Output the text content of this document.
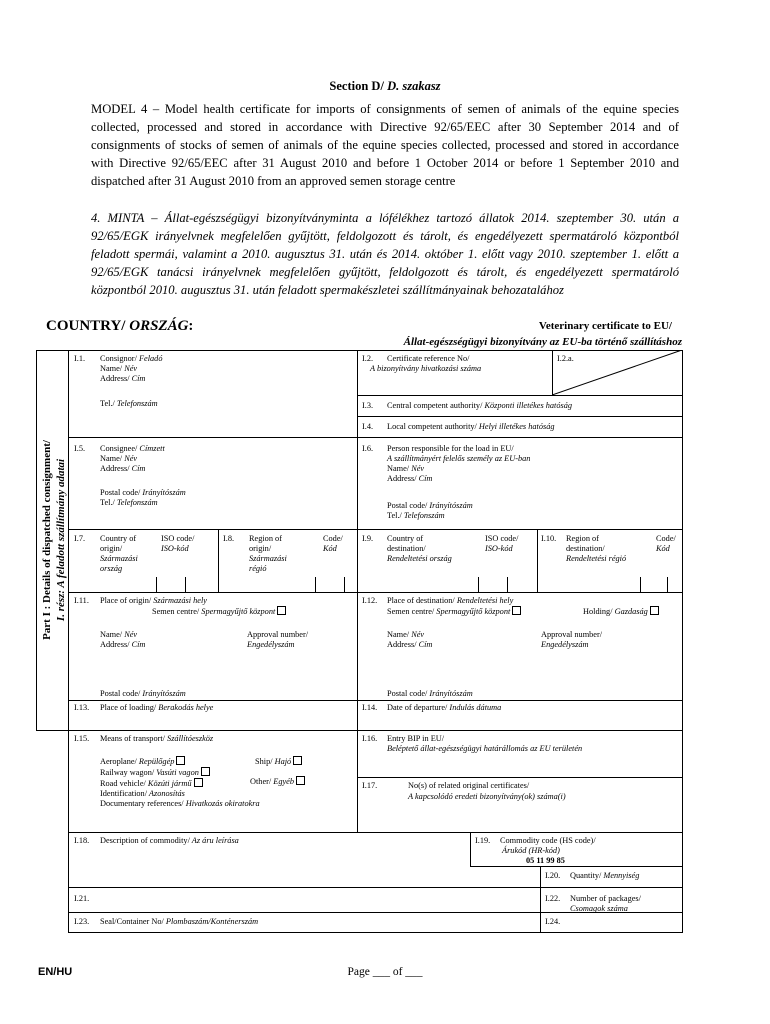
Section D/ D. szakasz

MODEL 4 – Model health certificate for imports of consignments of semen of animals of the equine species collected, processed and stored in accordance with Directive 92/65/EEC after 30 September 2014 and of consignments of stocks of semen of animals of the equine species collected, processed and stored in accordance with Directive 92/65/EEC after 31 August 2010 and before 1 October 2014 or before 1 September 2010 and dispatched after 31 August 2010 from an approved semen storage centre

4. MINTA – Állat-egészségügyi bizonyítványminta a lófélékhez tartozó állatok 2014. szeptember 30. után a 92/65/EGK irányelvnek megfelelően gyűjtött, feldolgozott és tárolt, és engedélyezett spermatároló központból feladott spermái, valamint a 2010. augusztus 31. után és 2014. október 1. előtt vagy 2010. szeptember 1. előtt a 92/65/EGK tanácsi irányelvnek megfelelően gyűjtött, feldolgozott és tárolt, és engedélyezett spermatároló központból 2010. augusztus 31. után feladott spermakészletei szállítmányainak behozatalához

COUNTRY/ ORSZÁG:	Veterinary certificate to EU/
Állat-egészségügyi bizonyítvány az EU-ba történő szállításhoz
Part I : Details of dispatched consignment/ I. rész: A feladott szállítmány adatai
I.1. Consignor/ Feladó
Name/ Név
Address/ Cím
Tel./ Telefonszám
I.2. Certificate reference No/
A bizonyítvány hivatkozási száma
I.2.a.
I.3. Central competent authority/ Központi illetékes hatóság
I.4. Local competent authority/ Helyi illetékes hatóság
I.5. Consignee/ Címzett
Name/ Név
Address/ Cím
Postal code/ Irányítószám
Tel./ Telefonszám
I.6. Person responsible for the load in EU/
A szállítmányért felelős személy az EU-ban
Name/ Név
Address/ Cím
Postal code/ Irányítószám
Tel./ Telefonszám
I.7. Country of
origin/
Származási
ország
ISO code/
ISO-kód
I.8. Region of
origin/
Származási
régió
Code/
Kód
I.9. Country of
destination/
Rendeltetési ország
ISO code/
ISO-kód
I.10. Region of
destination/
Rendeltetési régió
Code/
Kód
I.11. Place of origin/ Származási hely
Semen centre/ Spermagyűjtő központ
Name/ Név
Address/ Cím
Approval number/
Engedélyszám
Postal code/ Irányítószám
I.12. Place of destination/ Rendeltetési hely
Semen centre/ Spermagyűjtő központ	Holding/ Gazdaság
Name/ Név
Address/ Cím
Approval number/
Engedélyszám
Postal code/ Irányítószám
I.13. Place of loading/ Berakodás helye	I.14. Date of departure/ Indulás dátuma
I.15. Means of transport/ Szállítóeszköz
Aeroplane/ Repülőgép
Railway wagon/ Vasúti vagon
Road vehicle/ Közúti jármű
Identification/ Azonosítás
Documentary references/ Hivatkozás okiratokra
Ship/ Hajó
Other/ Egyéb
I.16. Entry BIP in EU/
Beléptető állat-egészségügyi határállomás az EU területén
I.17.	No(s) of related original certificates/
A kapcsolódó eredeti bizonyítvány(ok) száma(i)
I.18. Description of commodity/ Az áru leírása	I.19. Commodity code (HS code)/
Árukód (HR-kód)
05 11 99 85
I.20. Quantity/ Mennyiség
I.21.	I.22. Number of packages/
Csomagok száma
I.23. Seal/Container No/ Plombaszám/Konténerszám	I.24.
EN/HU	Page ___ of ___
